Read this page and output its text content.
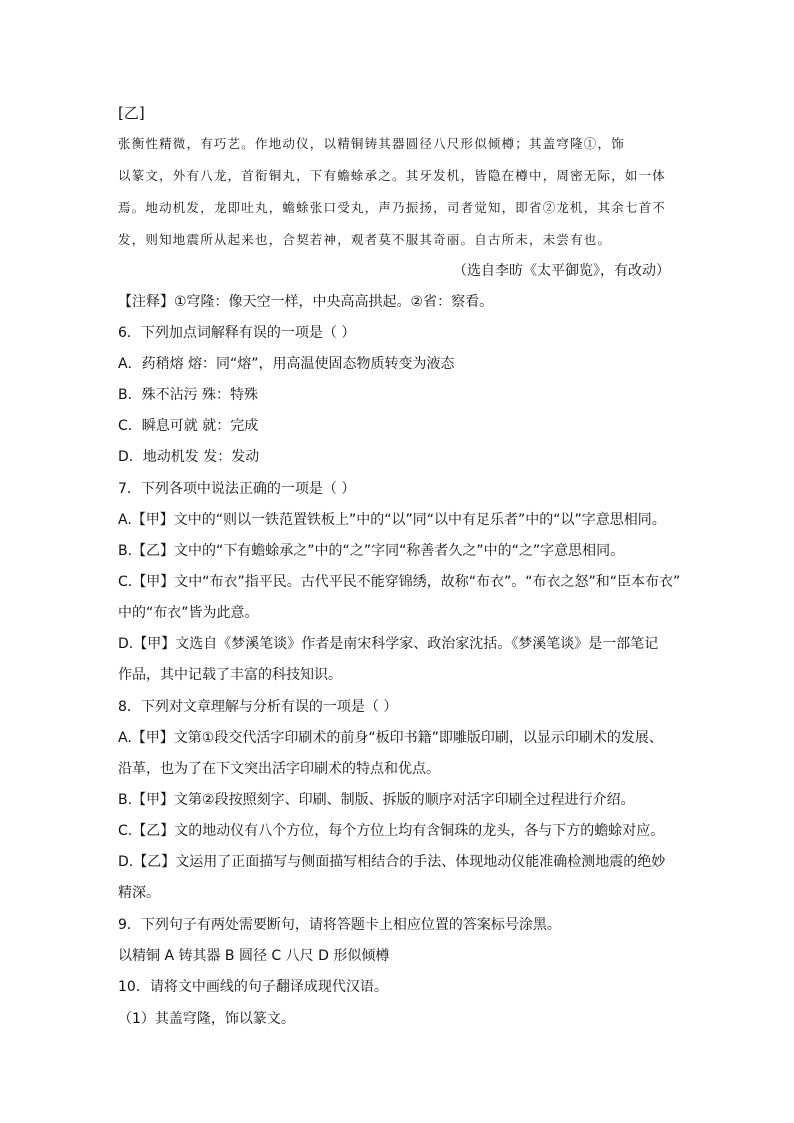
[乙]
张衡性精微，有巧艺。作地动仪，以精铜铸其器圆径八尺形似倾樽；其盖穹隆①，饰
以篆文，外有八龙，首衔铜丸，下有蟾蜍承之。其牙发机，皆隐在樽中，周密无际，如一体
焉。地动机发，龙即吐丸，蟾蜍张口受丸，声乃振扬，司者觉知，即省②龙机，其余七首不
发，则知地震所从起来也，合契若神，观者莫不服其奇丽。自古所未，未尝有也。
（选自李昉《太平御览》，有改动）
【注释】①穹隆：像天空一样，中央高高拱起。②省：察看。
6．下列加点词解释有误的一项是（ ）
A．药稍熔 熔：同“熔”，用高温使固态物质转变为液态
B．殊不沾污 殊：特殊
C．瞬息可就 就：完成
D．地动机发 发：发动
7．下列各项中说法正确的一项是（ ）
A.【甲】文中的“则以一铁范置铁板上”中的“以”同“以中有足乐者”中的“以”字意思相同。
B.【乙】文中的“下有蟾蜍承之”中的“之”字同“称善者久之”中的“之”字意思相同。
C.【甲】文中“布衣”指平民。古代平民不能穿锦绣，故称“布衣”。“布衣之怒”和“臣本布衣”
中的“布衣”皆为此意。
D.【甲】文选自《梦溪笔谈》作者是南宋科学家、政治家沈括。《梦溪笔谈》是一部笔记
作品，其中记载了丰富的科技知识。
8．下列对文章理解与分析有误的一项是（ ）
A.【甲】文第①段交代活字印刷术的前身“板印书籍”即雕版印刷，以显示印刷术的发展、
沿革，也为了在下文突出活字印刷术的特点和优点。
B.【甲】文第②段按照刻字、印刷、制版、拆版的顺序对活字印刷全过程进行介绍。
C.【乙】文的地动仪有八个方位，每个方位上均有含铜珠的龙头，各与下方的蟾蜍对应。
D.【乙】文运用了正面描写与侧面描写相结合的手法、体现地动仪能准确检测地震的绝妙
精深。
9．下列句子有两处需要断句，请将答题卡上相应位置的答案标号涂黑。
以精铜 A 铸其器 B 圆径 C 八尺 D 形似倾樽
10．请将文中画线的句子翻译成现代汉语。
（1）其盖穹隆，饰以篆文。
